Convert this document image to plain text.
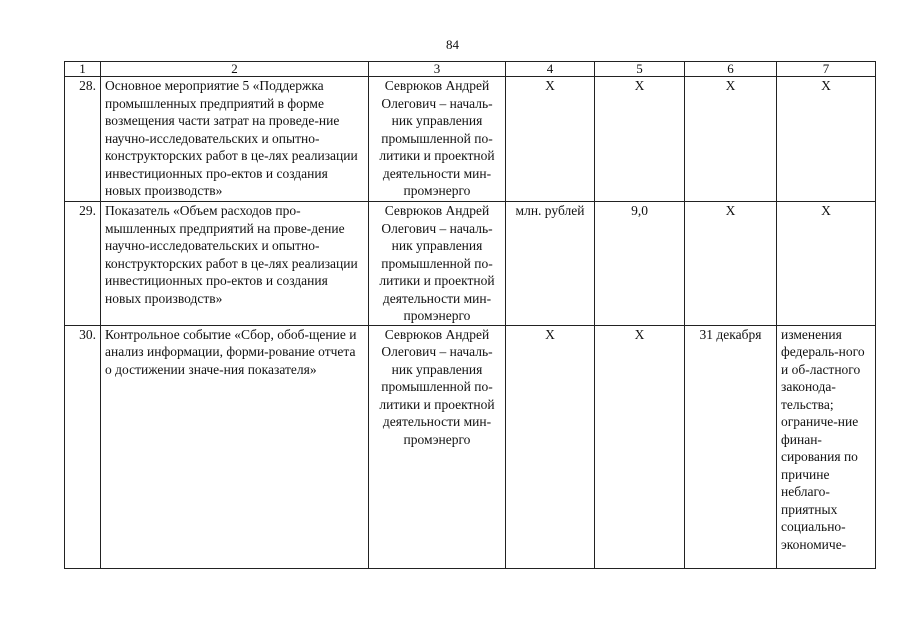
84
1	2	3	4	5	6	7
28.	Основное мероприятие 5 «Поддержка промышленных предприятий в форме возмещения части затрат на проведе-ние научно-исследовательских и опытно-конструкторских работ в це-лях реализации инвестиционных про-ектов и создания новых производств»	Севрюков Андрей Олегович – началь-ник управления промышленной по-литики и проектной деятельности мин-промэнерго	X	X	X	X
29.	Показатель «Объем расходов про-мышленных предприятий на прове-дение научно-исследовательских и опытно-конструкторских работ в це-лях реализации инвестиционных про-ектов и создания новых производств»	Севрюков Андрей Олегович – началь-ник управления промышленной по-литики и проектной деятельности мин-промэнерго	млн. рублей	9,0	X	X
30.	Контрольное событие «Сбор, обоб-щение и анализ информации, форми-рование отчета о достижении значе-ния показателя»	Севрюков Андрей Олегович – началь-ник управления промышленной по-литики и проектной деятельности мин-промэнерго	X	X	31 декабря	изменения федераль-ного и об-ластного законода-тельства; ограниче-ние финан-сирования по причине неблаго-приятных социально-экономиче-
